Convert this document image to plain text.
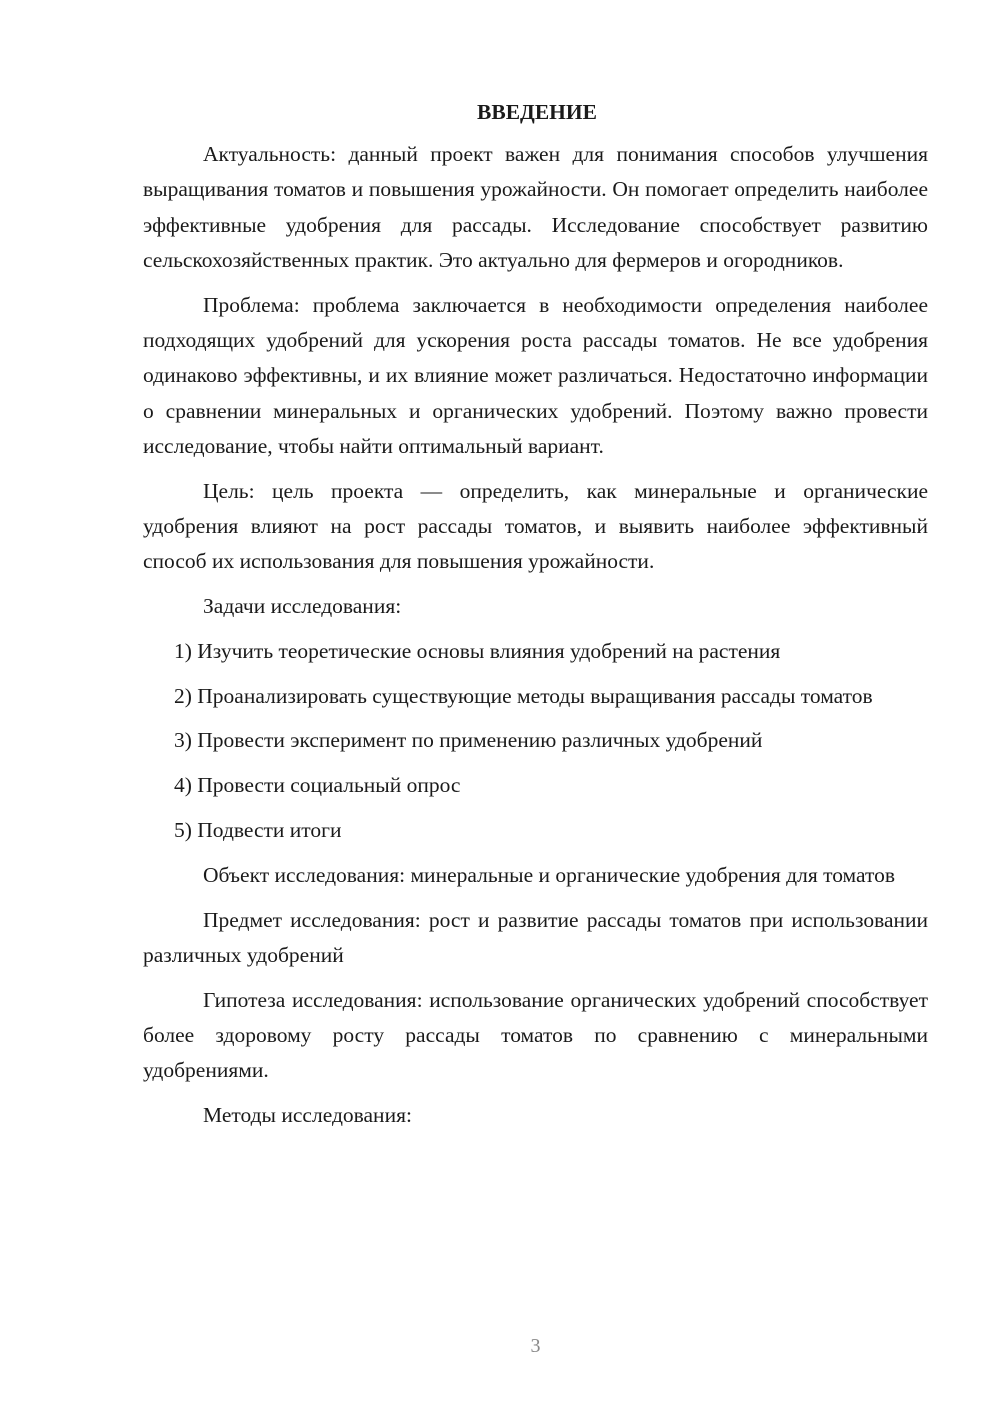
ВВЕДЕНИЕ

Актуальность: данный проект важен для понимания способов улучшения выращивания томатов и повышения урожайности. Он помогает определить наиболее эффективные удобрения для рассады. Исследование способствует развитию сельскохозяйственных практик. Это актуально для фермеров и огородников.

Проблема: проблема заключается в необходимости определения наиболее подходящих удобрений для ускорения роста рассады томатов. Не все удобрения одинаково эффективны, и их влияние может различаться. Недостаточно информации о сравнении минеральных и органических удобрений. Поэтому важно провести исследование, чтобы найти оптимальный вариант.

Цель: цель проекта — определить, как минеральные и органические удобрения влияют на рост рассады томатов, и выявить наиболее эффективный способ их использования для повышения урожайности.

Задачи исследования:

1) Изучить теоретические основы влияния удобрений на растения

2) Проанализировать существующие методы выращивания рассады томатов

3) Провести эксперимент по применению различных удобрений

4) Провести социальный опрос

5) Подвести итоги

Объект исследования: минеральные и органические удобрения для томатов

Предмет исследования: рост и развитие рассады томатов при использовании различных удобрений

Гипотеза исследования: использование органических удобрений способствует более здоровому росту рассады томатов по сравнению с минеральными удобрениями.

Методы исследования:

3
